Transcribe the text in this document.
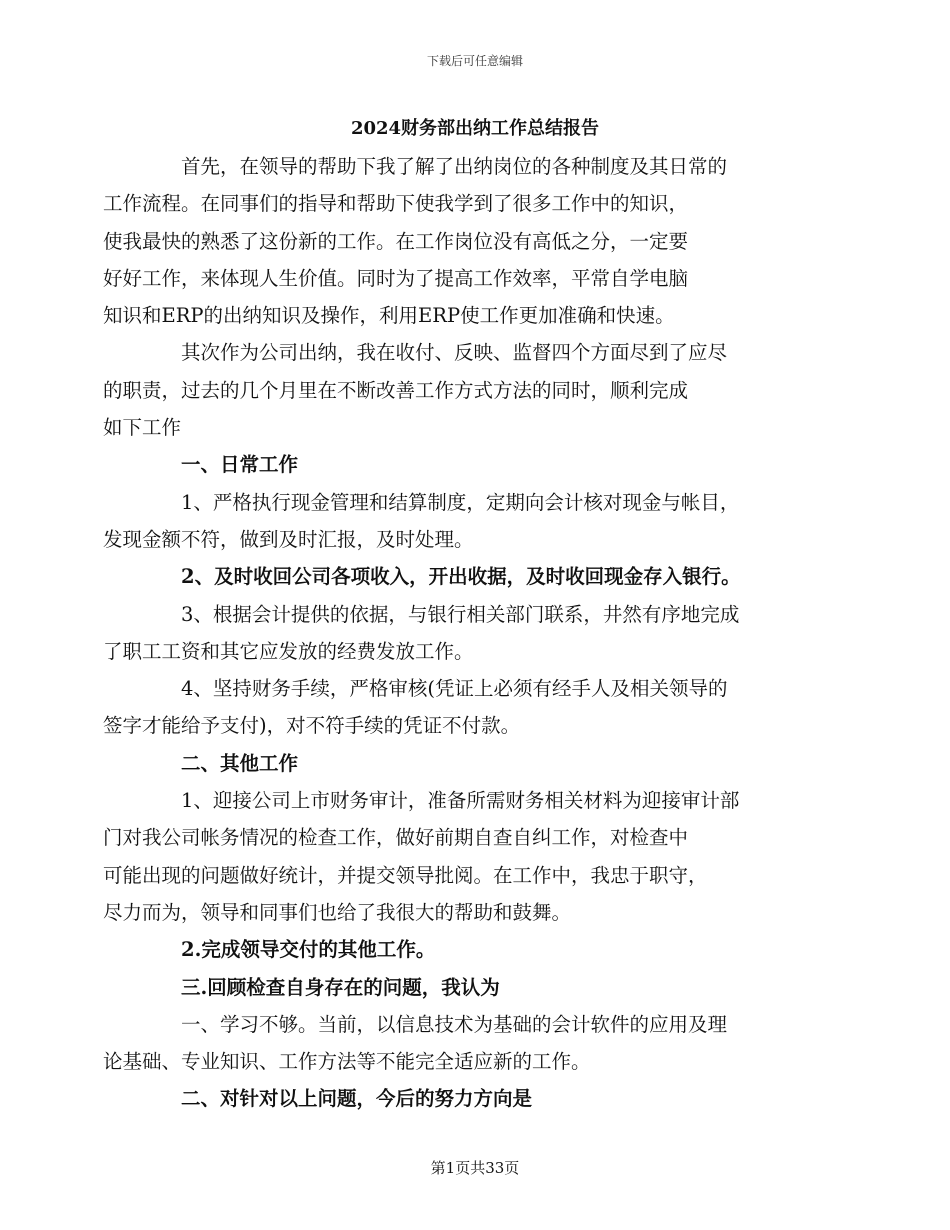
下载后可任意编辑
2024财务部出纳工作总结报告

首先，在领导的帮助下我了解了出纳岗位的各种制度及其日常的
工作流程。在同事们的指导和帮助下使我学到了很多工作中的知识，
使我最快的熟悉了这份新的工作。在工作岗位没有高低之分，一定要
好好工作，来体现人生价值。同时为了提高工作效率，平常自学电脑
知识和ERP的出纳知识及操作，利用ERP使工作更加准确和快速。

其次作为公司出纳，我在收付、反映、监督四个方面尽到了应尽
的职责，过去的几个月里在不断改善工作方式方法的同时，顺利完成
如下工作

一、日常工作

1、严格执行现金管理和结算制度，定期向会计核对现金与帐目，
发现金额不符，做到及时汇报，及时处理。

2、及时收回公司各项收入，开出收据，及时收回现金存入银行。

3、根据会计提供的依据，与银行相关部门联系，井然有序地完成
了职工工资和其它应发放的经费发放工作。

4、坚持财务手续，严格审核(凭证上必须有经手人及相关领导的
签字才能给予支付)，对不符手续的凭证不付款。

二、其他工作

1、迎接公司上市财务审计，准备所需财务相关材料为迎接审计部
门对我公司帐务情况的检查工作，做好前期自查自纠工作，对检查中
可能出现的问题做好统计，并提交领导批阅。在工作中，我忠于职守，
尽力而为，领导和同事们也给了我很大的帮助和鼓舞。

2.完成领导交付的其他工作。

三.回顾检查自身存在的问题，我认为

一、学习不够。当前，以信息技术为基础的会计软件的应用及理
论基础、专业知识、工作方法等不能完全适应新的工作。

二、对针对以上问题，今后的努力方向是

第1页共33页
